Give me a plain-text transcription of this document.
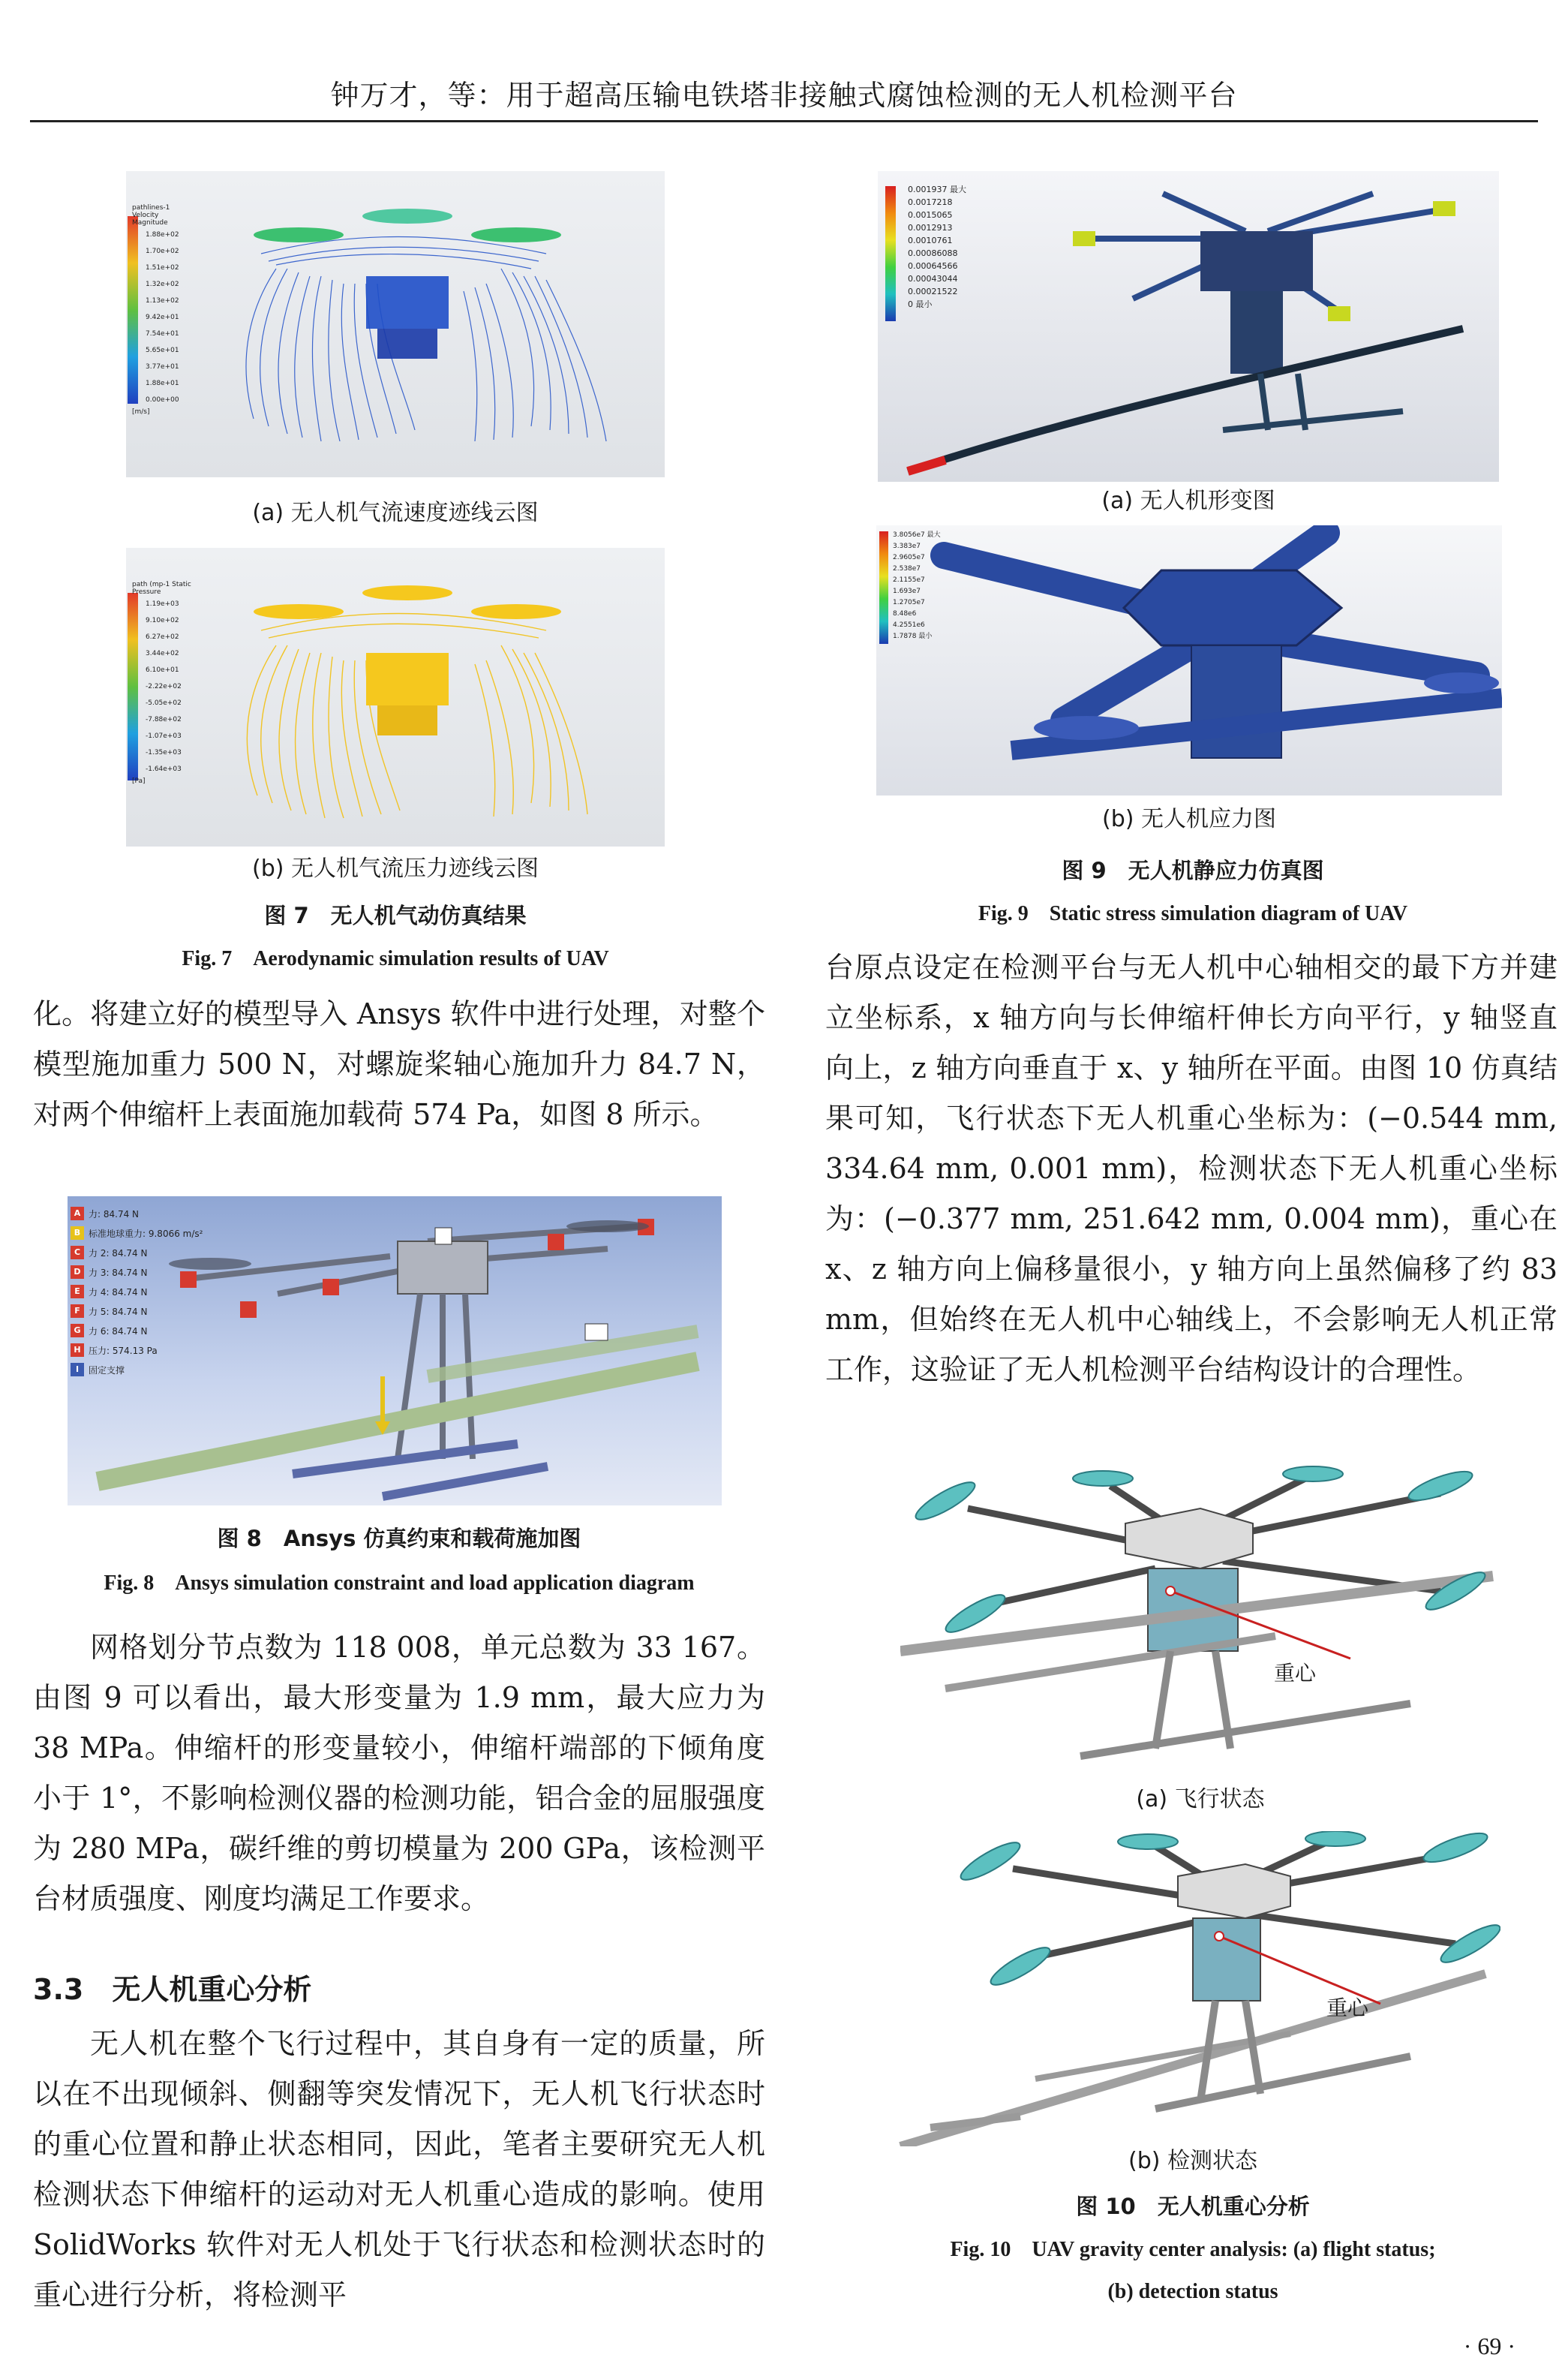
钟万才，等：用于超高压输电铁塔非接触式腐蚀检测的无人机检测平台
pathlines-1 Velocity Magnitude
1.88e+02
1.70e+02
1.51e+02
1.32e+02
1.13e+02
9.42e+01
7.54e+01
5.65e+01
3.77e+01
1.88e+01
0.00e+00
[m/s]
(a) 无人机气流速度迹线云图
path (mp-1 Static Pressure
1.19e+03
9.10e+02
6.27e+02
3.44e+02
6.10e+01
-2.22e+02
-5.05e+02
-7.88e+02
-1.07e+03
-1.35e+03
-1.64e+03
[Pa]
(b) 无人机气流压力迹线云图
图 7　无人机气动仿真结果
Fig. 7　Aerodynamic simulation results of UAV
0.001937 最大
0.0017218
0.0015065
0.0012913
0.0010761
0.00086088
0.00064566
0.00043044
0.00021522
0 最小
(a) 无人机形变图
3.8056e7 最大
3.383e7
2.9605e7
2.538e7
2.1155e7
1.693e7
1.2705e7
8.48e6
4.2551e6
1.7878 最小
(b) 无人机应力图
图 9　无人机静应力仿真图
Fig. 9　Static stress simulation diagram of UAV

化。将建立好的模型导入 Ansys 软件中进行处理，对整个模型施加重力 500 N，对螺旋桨轴心施加升力 84.7 N，对两个伸缩杆上表面施加载荷 574 Pa，如图 8 所示。

A 力: 84.74 N
B 标准地球重力: 9.8066 m/s²
C 力 2: 84.74 N
D 力 3: 84.74 N
E 力 4: 84.74 N
F 力 5: 84.74 N
G 力 6: 84.74 N
H 压力: 574.13 Pa
I	固定支撑
图 8　Ansys 仿真约束和载荷施加图
Fig. 8　Ansys simulation constraint and load application diagram

网格划分节点数为 118 008，单元总数为 33 167。由图 9 可以看出，最大形变量为 1.9 mm，最大应力为 38 MPa。伸缩杆的形变量较小，伸缩杆端部的下倾角度小于 1°，不影响检测仪器的检测功能，铝合金的屈服强度为 280 MPa，碳纤维的剪切模量为 200 GPa，该检测平台材质强度、刚度均满足工作要求。

3.3　无人机重心分析

无人机在整个飞行过程中，其自身有一定的质量，所以在不出现倾斜、侧翻等突发情况下，无人机飞行状态时的重心位置和静止状态相同，因此，笔者主要研究无人机检测状态下伸缩杆的运动对无人机重心造成的影响。使用 SolidWorks 软件对无人机处于飞行状态和检测状态时的重心进行分析，将检测平

台原点设定在检测平台与无人机中心轴相交的最下方并建立坐标系，x 轴方向与长伸缩杆伸长方向平行，y 轴竖直向上，z 轴方向垂直于 x、y 轴所在平面。由图 10 仿真结果可知，飞行状态下无人机重心坐标为：(−0.544 mm, 334.64 mm, 0.001 mm)，检测状态下无人机重心坐标为：(−0.377 mm, 251.642 mm, 0.004 mm)，重心在 x、z 轴方向上偏移量很小，y 轴方向上虽然偏移了约 83 mm，但始终在无人机中心轴线上，不会影响无人机正常工作，这验证了无人机检测平台结构设计的合理性。

重心
(a) 飞行状态
重心
(b) 检测状态
图 10　无人机重心分析
Fig. 10　UAV gravity center analysis: (a) flight status;
(b) detection status
· 69 ·
